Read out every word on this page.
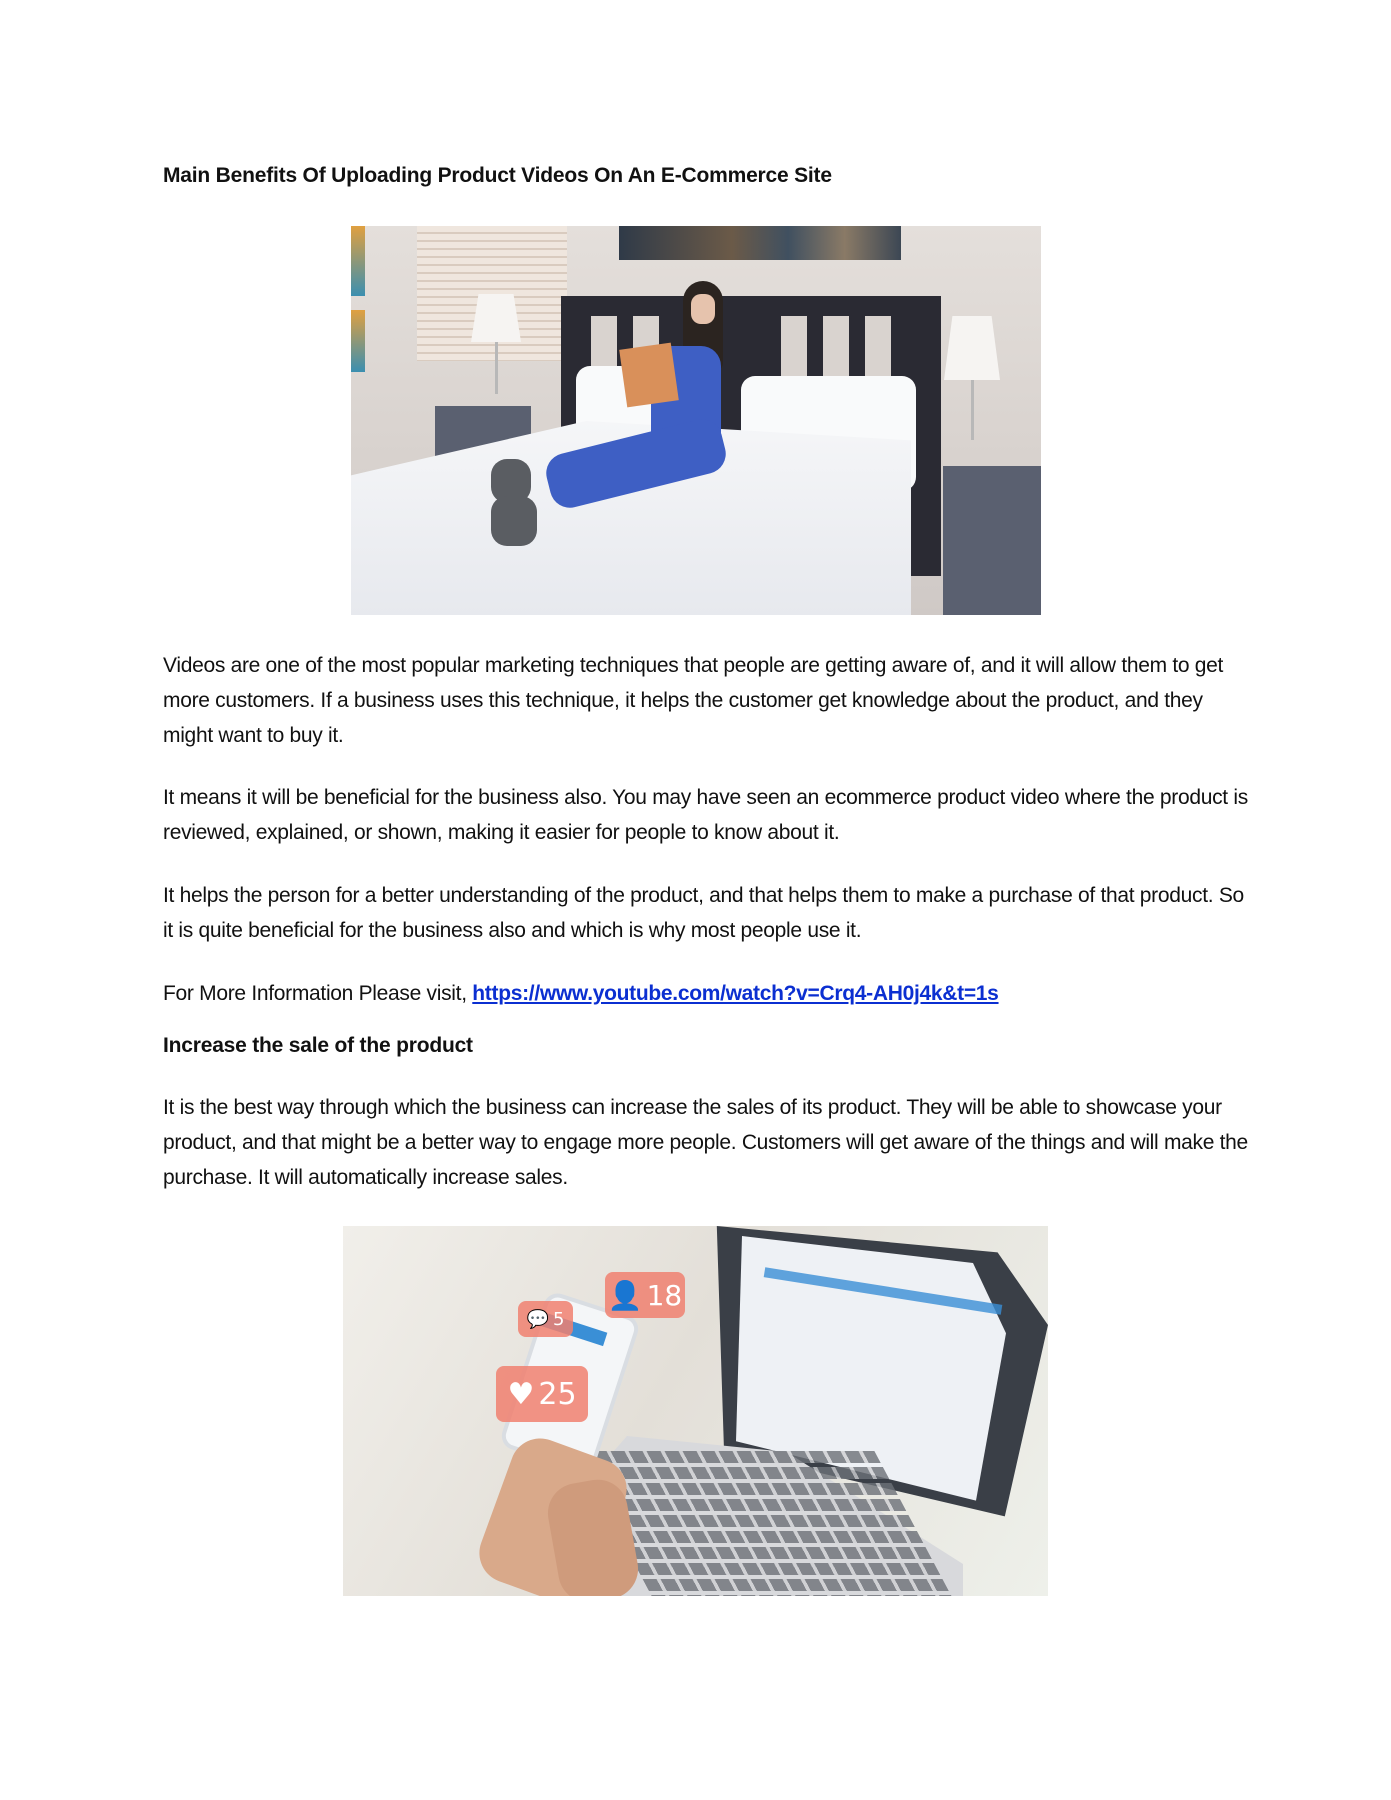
Main Benefits Of Uploading Product Videos On An E-Commerce Site

Videos are one of the most popular marketing techniques that people are getting aware of, and it will allow them to get more customers. If a business uses this technique, it helps the customer get knowledge about the product, and they might want to buy it.

It means it will be beneficial for the business also. You may have seen an ecommerce product video where the product is reviewed, explained, or shown, making it easier for people to know about it.

It helps the person for a better understanding of the product, and that helps them to make a purchase of that product. So it is quite beneficial for the business also and which is why most people use it.

For More Information Please visit, https://www.youtube.com/watch?v=Crq4-AH0j4k&t=1s

Increase the sale of the product

It is the best way through which the business can increase the sales of its product. They will be able to showcase your product, and that might be a better way to engage more people. Customers will get aware of the things and will make the purchase. It will automatically increase sales.

💬 5
👤 18
♥ 25
